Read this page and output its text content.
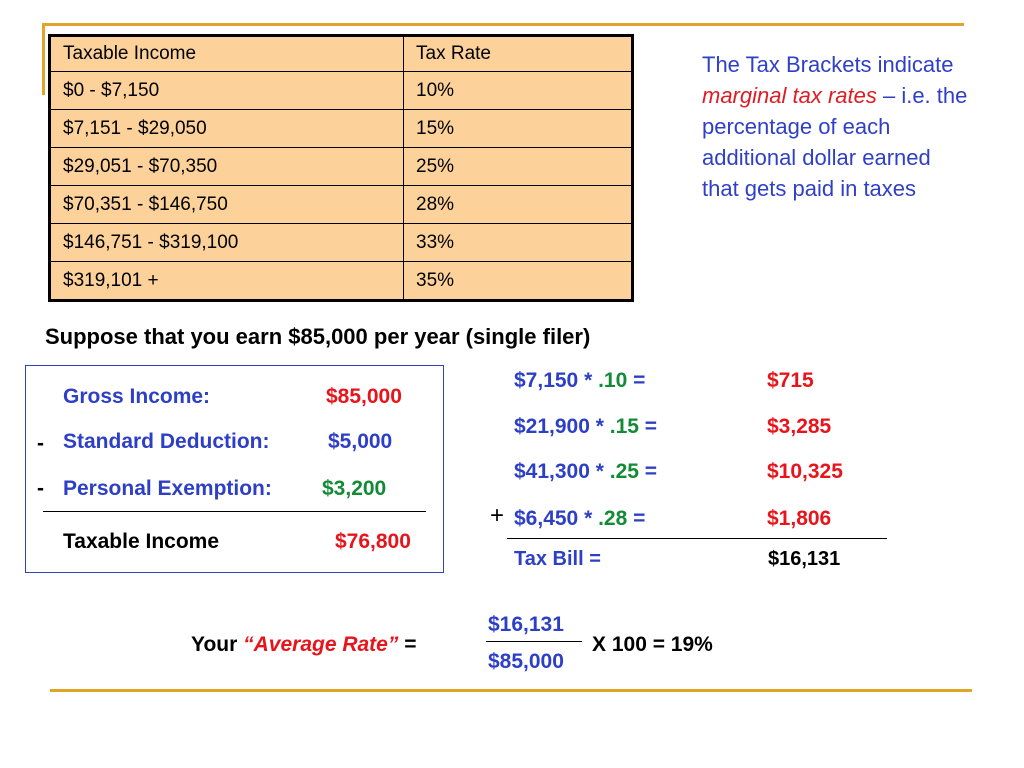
Taxable Income	Tax Rate
$0 - $7,150	10%
$7,151 - $29,050	15%
$29,051 - $70,350	25%
$70,351 - $146,750	28%
$146,751 - $319,100	33%
$319,101 +	35%
The Tax Brackets indicate marginal tax rates – i.e. the percentage of each additional dollar earned that gets paid in taxes
Suppose that you earn $85,000 per year (single filer)
Gross Income:	$85,000
- Standard Deduction:	$5,000
- Personal Exemption: $3,200
Taxable Income	$76,800
$7,150 * .10 =	$715
$21,900 * .15 =	$3,285
$41,300 * .25 =	$10,325
+ $6,450 * .28 =	$1,806
Tax Bill =	$16,131
Your “Average Rate” =
$16,131
$85,000
X 100 = 19%
